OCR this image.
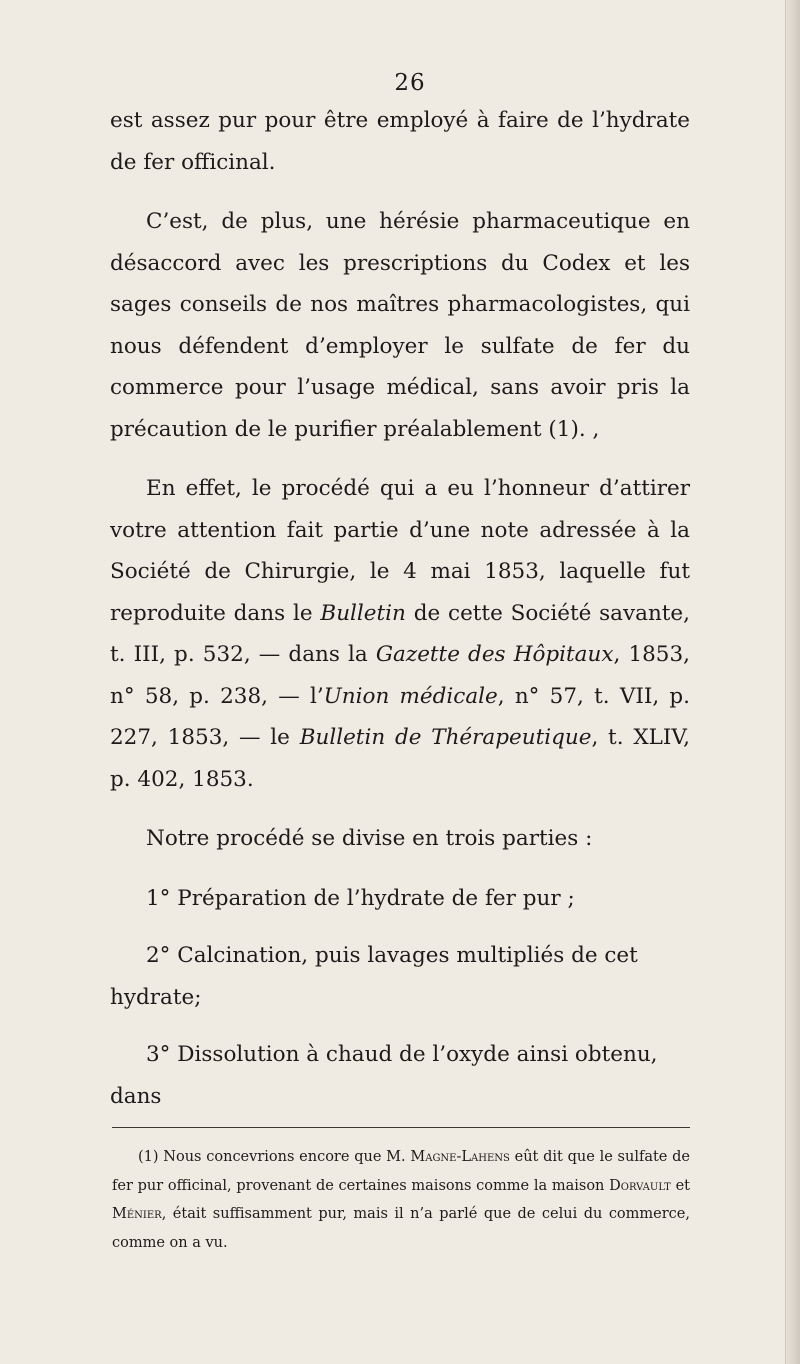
26

est assez pur pour être employé à faire de l’hydrate de fer officinal.

C’est, de plus, une hérésie pharmaceutique en désaccord avec les prescriptions du Codex et les sages conseils de nos maîtres pharmacologistes, qui nous défendent d’employer le sulfate de fer du commerce pour l’usage médical, sans avoir pris la précaution de le purifier préalablement (1). ,

En effet, le procédé qui a eu l’honneur d’attirer votre attention fait partie d’une note adressée à la Société de Chirurgie, le 4 mai 1853, laquelle fut reproduite dans le Bulletin de cette Société savante, t. III, p. 532, — dans la Gazette des Hôpitaux, 1853, n° 58, p. 238, — l’Union médicale, n° 57, t. VII, p. 227, 1853, — le Bulletin de Thérapeutique, t. XLIV, p. 402, 1853.

Notre procédé se divise en trois parties :

1° Préparation de l’hydrate de fer pur ;

2° Calcination, puis lavages multipliés de cet hydrate;

3° Dissolution à chaud de l’oxyde ainsi obtenu, dans

(1) Nous concevrions encore que M. Magne-Lahens eût dit que le sulfate de fer pur officinal, provenant de certaines maisons comme la maison Dorvault et Ménier, était suffisamment pur, mais il n’a parlé que de celui du commerce, comme on a vu.
